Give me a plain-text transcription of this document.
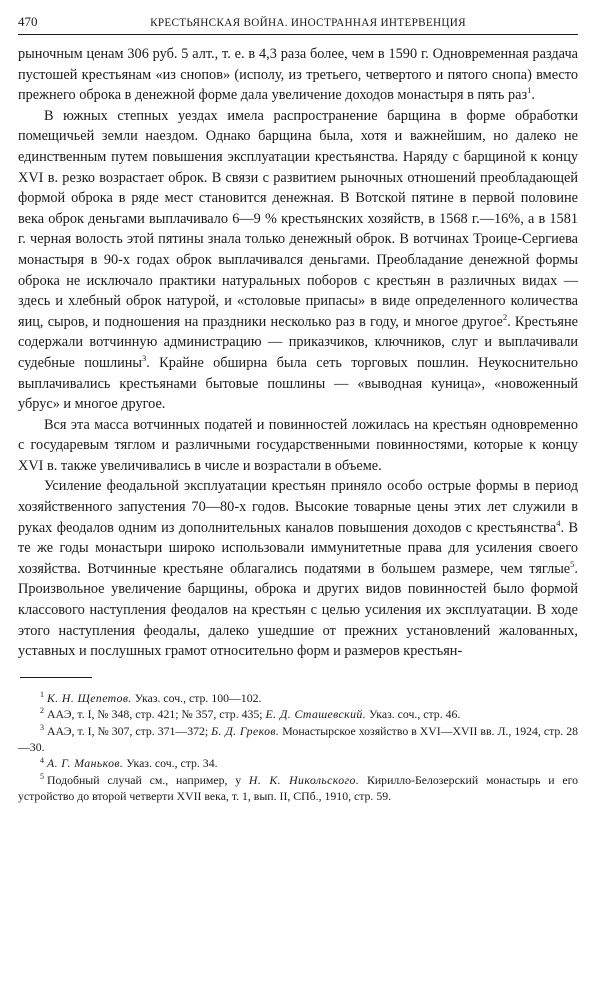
470	КРЕСТЬЯНСКАЯ ВОЙНА. ИНОСТРАННАЯ ИНТЕРВЕНЦИЯ

рыночным ценам 306 руб. 5 алт., т. е. в 4,3 раза более, чем в 1590 г. Одновременная раздача пустошей крестьянам «из снопов» (исполу, из третьего, четвертого и пятого снопа) вместо прежнего оброка в денежной форме дала увеличение доходов монастыря в пять раз$^1$.

В южных степных уездах имела распространение барщина в форме обработки помещичьей земли наездом. Однако барщина была, хотя и важнейшим, но далеко не единственным путем повышения эксплуатации крестьянства. Наряду с барщиной к концу XVI в. резко возрастает оброк. В связи с развитием рыночных отношений преобладающей формой оброка в ряде мест становится денежная. В Вотской пятине в первой половине века оброк деньгами выплачивало 6—9 % крестьянских хозяйств, в 1568 г.—16%, а в 1581 г. черная волость этой пятины знала только денежный оброк. В вотчинах Троице-Сергиева монастыря в 90-х годах оброк выплачивался деньгами. Преобладание денежной формы оброка не исключало практики натуральных поборов с крестьян в различных видах — здесь и хлебный оброк натурой, и «столовые припасы» в виде определенного количества яиц, сыров, и подношения на праздники несколько раз в году, и многое другое$^2$. Крестьяне содержали вотчинную администрацию — приказчиков, ключников, слуг и выплачивали судебные пошлины$^3$. Крайне обширна была сеть торговых пошлин. Неукоснительно выплачивались крестьянами бытовые пошлины — «выводная куница», «новоженный убрус» и многое другое.

Вся эта масса вотчинных податей и повинностей ложилась на крестьян одновременно с государевым тяглом и различными государственными повинностями, которые к концу XVI в. также увеличивались в числе и возрастали в объеме.

Усиление феодальной эксплуатации крестьян приняло особо острые формы в период хозяйственного запустения 70—80-х годов. Высокие товарные цены этих лет служили в руках феодалов одним из дополнительных каналов повышения доходов с крестьянства$^4$. В те же годы монастыри широко использовали иммунитетные права для усиления своего хозяйства. Вотчинные крестьяне облагались податями в большем размере, чем тяглые$^5$. Произвольное увеличение барщины, оброка и других видов повинностей было формой классового наступления феодалов на крестьян с целью усиления их эксплуатации. В ходе этого наступления феодалы, далеко ушедшие от прежних установлений жалованных, уставных и послушных грамот относительно форм и размеров крестьян-

$^1$ К. Н. Щепетов. Указ. соч., стр. 100—102.

$^2$ ААЭ, т. I, № 348, стр. 421; № 357, стр. 435; Е. Д. Сташевский. Указ. соч., стр. 46.

$^3$ ААЭ, т. I, № 307, стр. 371—372; Б. Д. Греков. Монастырское хозяйство в XVI—XVII вв. Л., 1924, стр. 28—30.

$^4$ А. Г. Маньков. Указ. соч., стр. 34.

$^5$ Подобный случай см., например, у Н. К. Никольского. Кирилло-Белозерский монастырь и его устройство до второй четверти XVII века, т. 1, вып. II, СПб., 1910, стр. 59.
